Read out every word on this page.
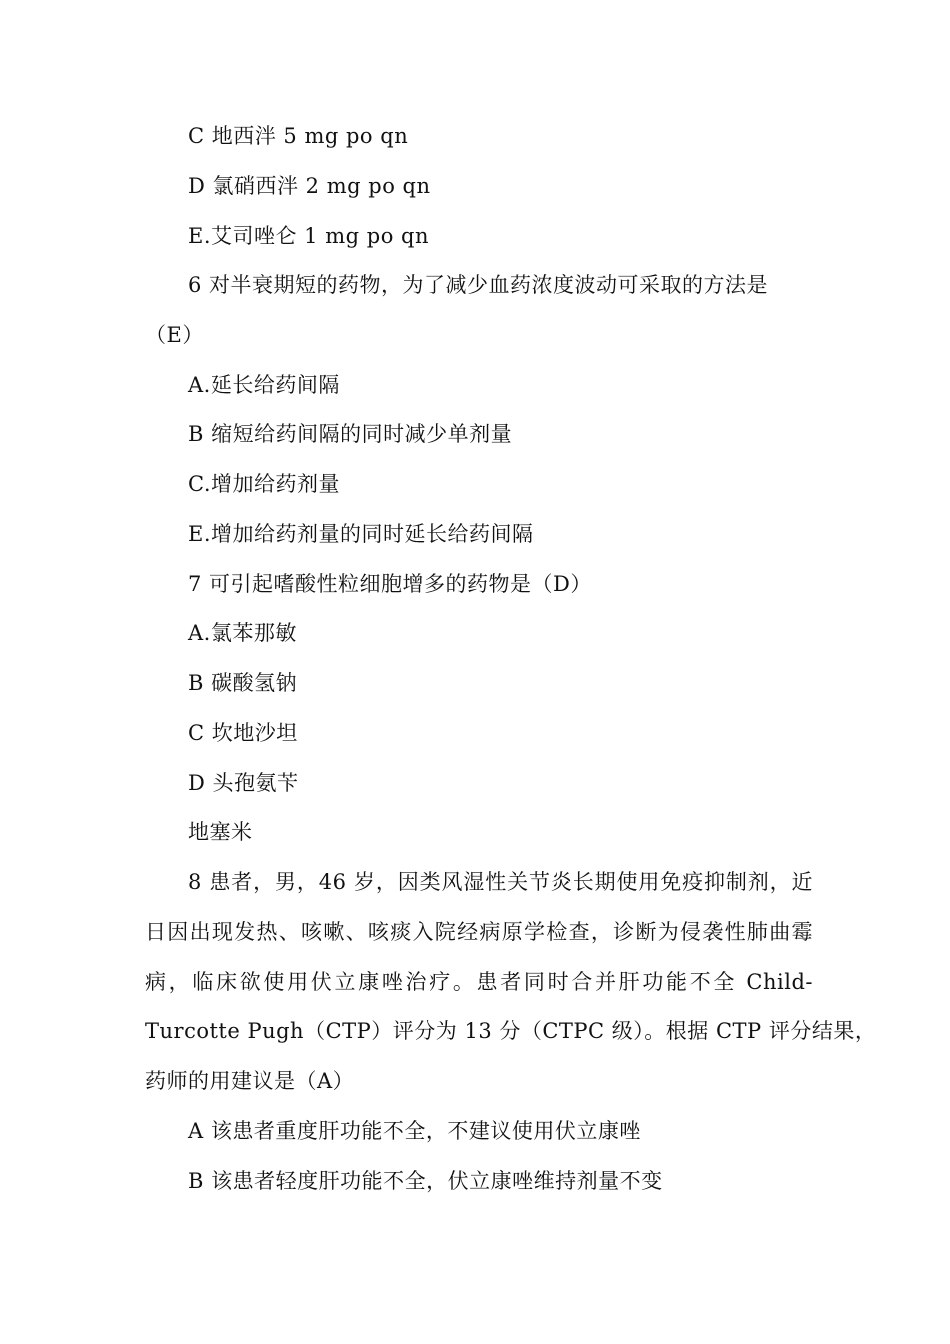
C 地西泮 5 mg po qn
D 氯硝西泮 2 mg po qn
E.艾司唑仑 1 mg po qn
6 对半衰期短的药物，为了减少血药浓度波动可采取的方法是
（E）
A.延长给药间隔
B 缩短给药间隔的同时减少单剂量
C.增加给药剂量
E.增加给药剂量的同时延长给药间隔
7 可引起嗜酸性粒细胞增多的药物是（D）
A.氯苯那敏
B 碳酸氢钠
C 坎地沙坦
D 头孢氨苄
地塞米
8 患者，男，46 岁，因类风湿性关节炎长期使用免疫抑制剂，近
日因出现发热、咳嗽、咳痰入院经病原学检查，诊断为侵袭性肺曲霉
病，临床欲使用伏立康唑治疗。患者同时合并肝功能不全 Child-
Turcotte Pugh（CTP）评分为 13 分（CTPC 级）。根据 CTP 评分结果，
药师的用建议是（A）
A 该患者重度肝功能不全，不建议使用伏立康唑
B 该患者轻度肝功能不全，伏立康唑维持剂量不变
